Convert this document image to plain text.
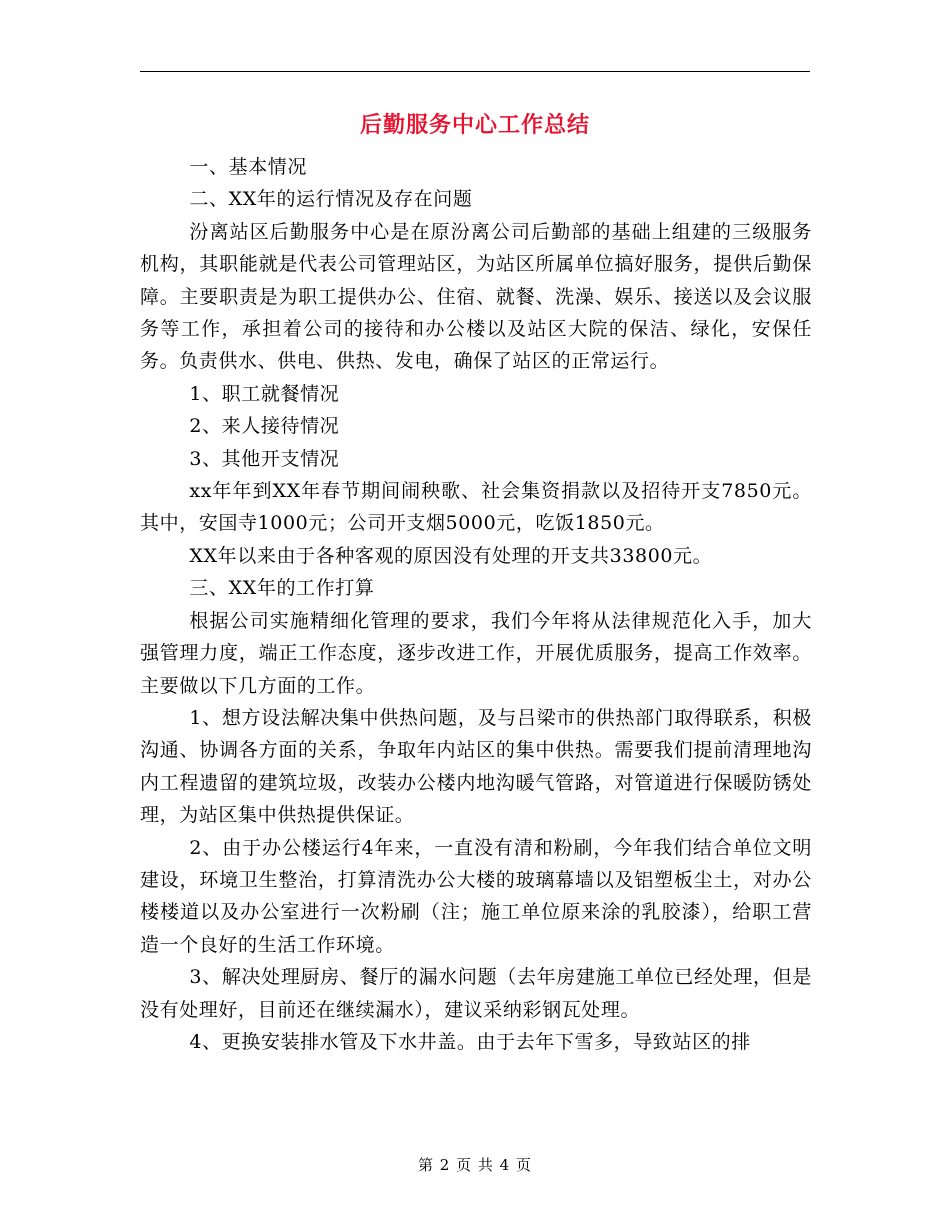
后勤服务中心工作总结

一、基本情况

二、XX年的运行情况及存在问题

汾离站区后勤服务中心是在原汾离公司后勤部的基础上组建的三级服务机构，其职能就是代表公司管理站区，为站区所属单位搞好服务，提供后勤保障。主要职责是为职工提供办公、住宿、就餐、洗澡、娱乐、接送以及会议服务等工作，承担着公司的接待和办公楼以及站区大院的保洁、绿化，安保任务。负责供水、供电、供热、发电，确保了站区的正常运行。

1、职工就餐情况

2、来人接待情况

3、其他开支情况

xx年年到XX年春节期间闹秧歌、社会集资捐款以及招待开支7850元。其中，安国寺1000元；公司开支烟5000元，吃饭1850元。

XX年以来由于各种客观的原因没有处理的开支共33800元。

三、XX年的工作打算

根据公司实施精细化管理的要求，我们今年将从法律规范化入手，加大强管理力度，端正工作态度，逐步改进工作，开展优质服务，提高工作效率。主要做以下几方面的工作。

1、想方设法解决集中供热问题，及与吕梁市的供热部门取得联系，积极沟通、协调各方面的关系，争取年内站区的集中供热。需要我们提前清理地沟内工程遗留的建筑垃圾，改装办公楼内地沟暖气管路，对管道进行保暖防锈处理，为站区集中供热提供保证。

2、由于办公楼运行4年来，一直没有清和粉刷，今年我们结合单位文明建设，环境卫生整治，打算清洗办公大楼的玻璃幕墙以及铝塑板尘土，对办公楼楼道以及办公室进行一次粉刷（注；施工单位原来涂的乳胶漆），给职工营造一个良好的生活工作环境。

3、解决处理厨房、餐厅的漏水问题（去年房建施工单位已经处理，但是没有处理好，目前还在继续漏水），建议采纳彩钢瓦处理。

4、更换安装排水管及下水井盖。由于去年下雪多，导致站区的排

第 2 页 共 4 页
